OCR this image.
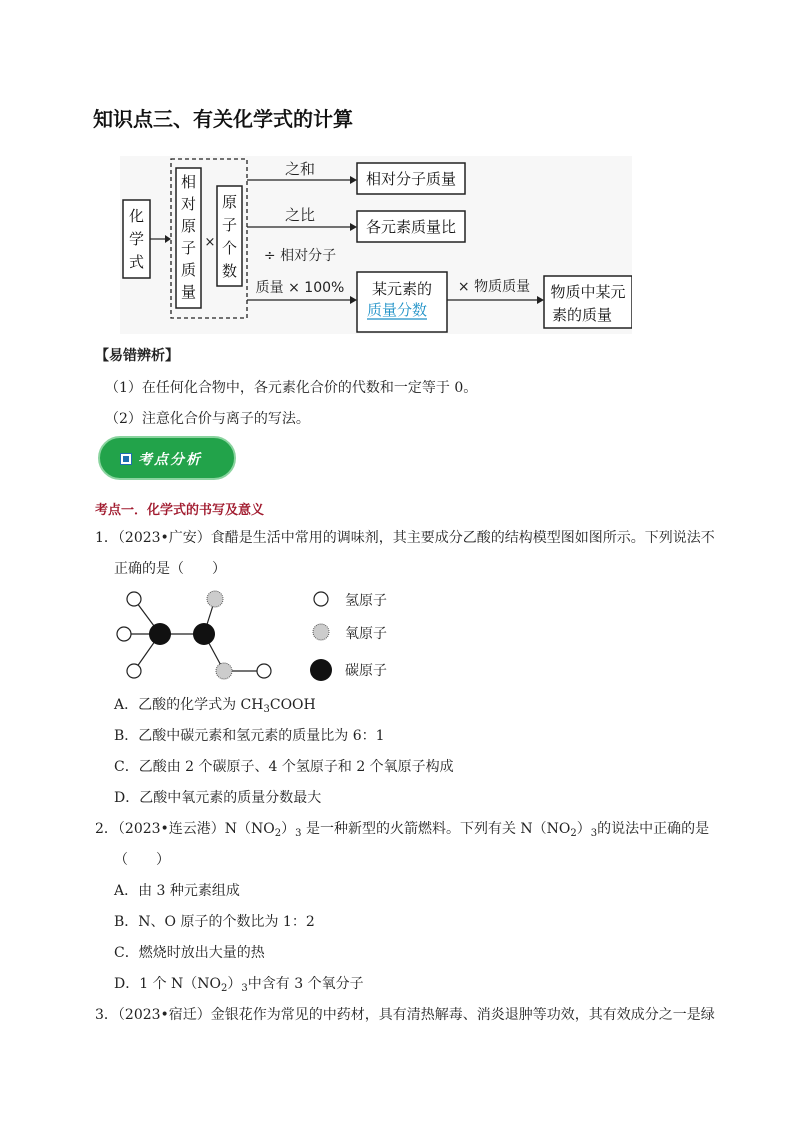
知识点三、有关化学式的计算
化
学
式
相
对
原
子
质
量
×
原
子
个
数
之和
之比
÷ 相对分子
质量 × 100%
相对分子质量
各元素质量比
某元素的
质量分数
× 物质质量 物质中某元
素的质量
【易错辨析】
（1）在任何化合物中，各元素化合价的代数和一定等于 0。
（2）注意化合价与离子的写法。
考点分析
考点一．化学式的书写及意义
1．（2023•广安）食醋是生活中常用的调味剂，其主要成分乙酸的结构模型图如图所示。下列说法不
正确的是（　　）
氢原子
氧原子
碳原子
A．乙酸的化学式为 $CH_3COOH$
B．乙酸中碳元素和氢元素的质量比为 6：1
C．乙酸由 2 个碳原子、4 个氢原子和 2 个氧原子构成
D．乙酸中氧元素的质量分数最大
2．（2023•连云港）$N(NO_2)_3$ 是一种新型的火箭燃料。下列有关 $N(NO_2)_3$的说法中正确的是
（　　）
A．由 3 种元素组成
B．N、O 原子的个数比为 1：2
C．燃烧时放出大量的热
D．1 个 $N(NO_2)_3$中含有 3 个氧分子
3．（2023•宿迁）金银花作为常见的中药材，具有清热解毒、消炎退肿等功效，其有效成分之一是绿
